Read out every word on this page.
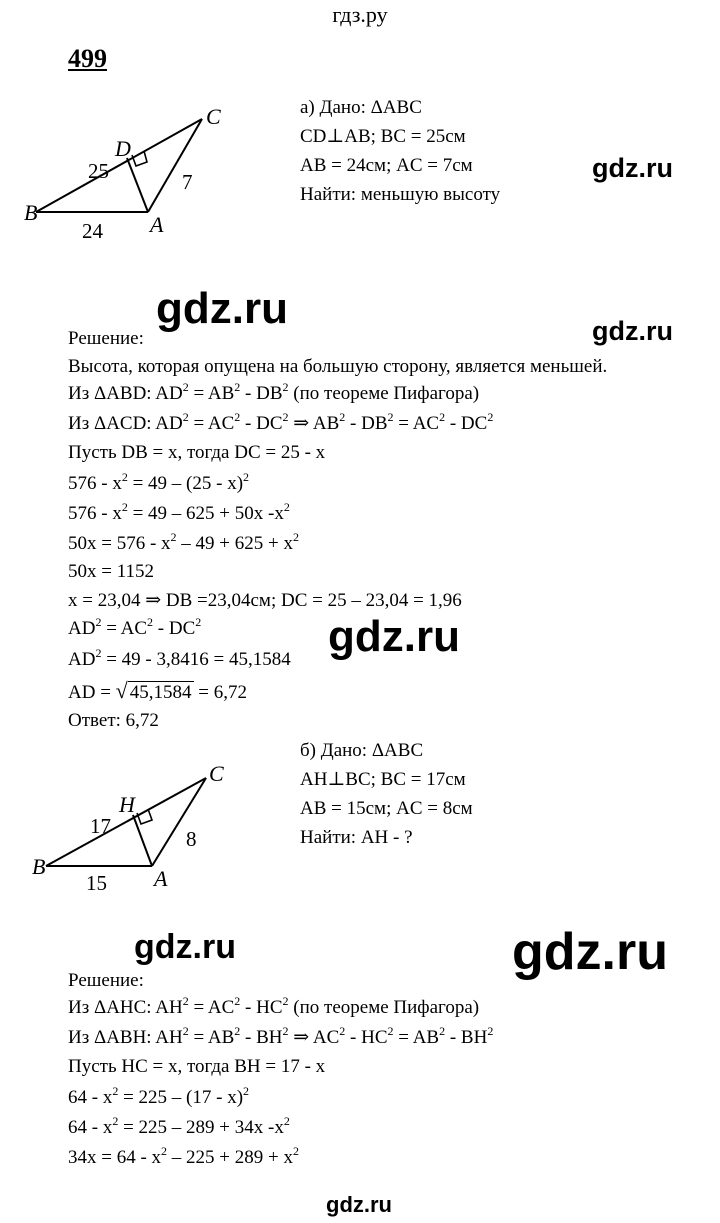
гдз.ру
499
C
D
B	A
25
24
7
а) Дано: ΔABC
CD⊥AB; BC = 25см
AB = 24см; AC = 7см
Найти: меньшую высоту
gdz.ru
gdz.ru	gdz.ru
gdz.ru
gdz.ru	gdz.ru
gdz.ru
Решение:
Высота, которая опущена на большую сторону, является меньшей.
Из ΔABD: $AD^2 = AB^2 - DB^2$ (по теореме Пифагора)
Из ΔACD: $AD^2 = AC^2 - DC^2$ ⇒ $AB^2 - DB^2 = AC^2 - DC^2$
Пусть DB = x, тогда DC = 25 - x
$576 - x^2 = 49 - (25 - x)^2$
$576 - x^2 = 49 - 625 + 50x$ $-x^2$
$50x = 576 - x^2 - 49 + 625 + x^2$
50x = 1152
x = 23,04 ⇒ DB =23,04см; DC = 25 – 23,04 = 1,96
$AD^2 = AC^2 - DC^2$
$AD^2 = 49 - 3,8416 = 45,1584$
AD = √ 45,1584 = 6,72
Ответ: 6,72
C
H
B	A
17
15
8
б) Дано: ΔABC
AH⊥BC; BC = 17см
AB = 15см; AC = 8см
Найти: AH - ?
Решение:
Из ΔAHC: $AH^2 = AC^2 - HC^2$ (по теореме Пифагора)
Из ΔABH: $AH^2 = AB^2 - BH^2$ ⇒ $AC^2 - HC^2 = AB^2 - BH^2$
Пусть HC = x, тогда BH = 17 - x
$64 - x^2 = 225 - (17 - x)^2$
$64 - x^2 = 225 - 289 + 34x$ $-x^2$
$34x = 64 - x^2 - 225 + 289 + x^2$
